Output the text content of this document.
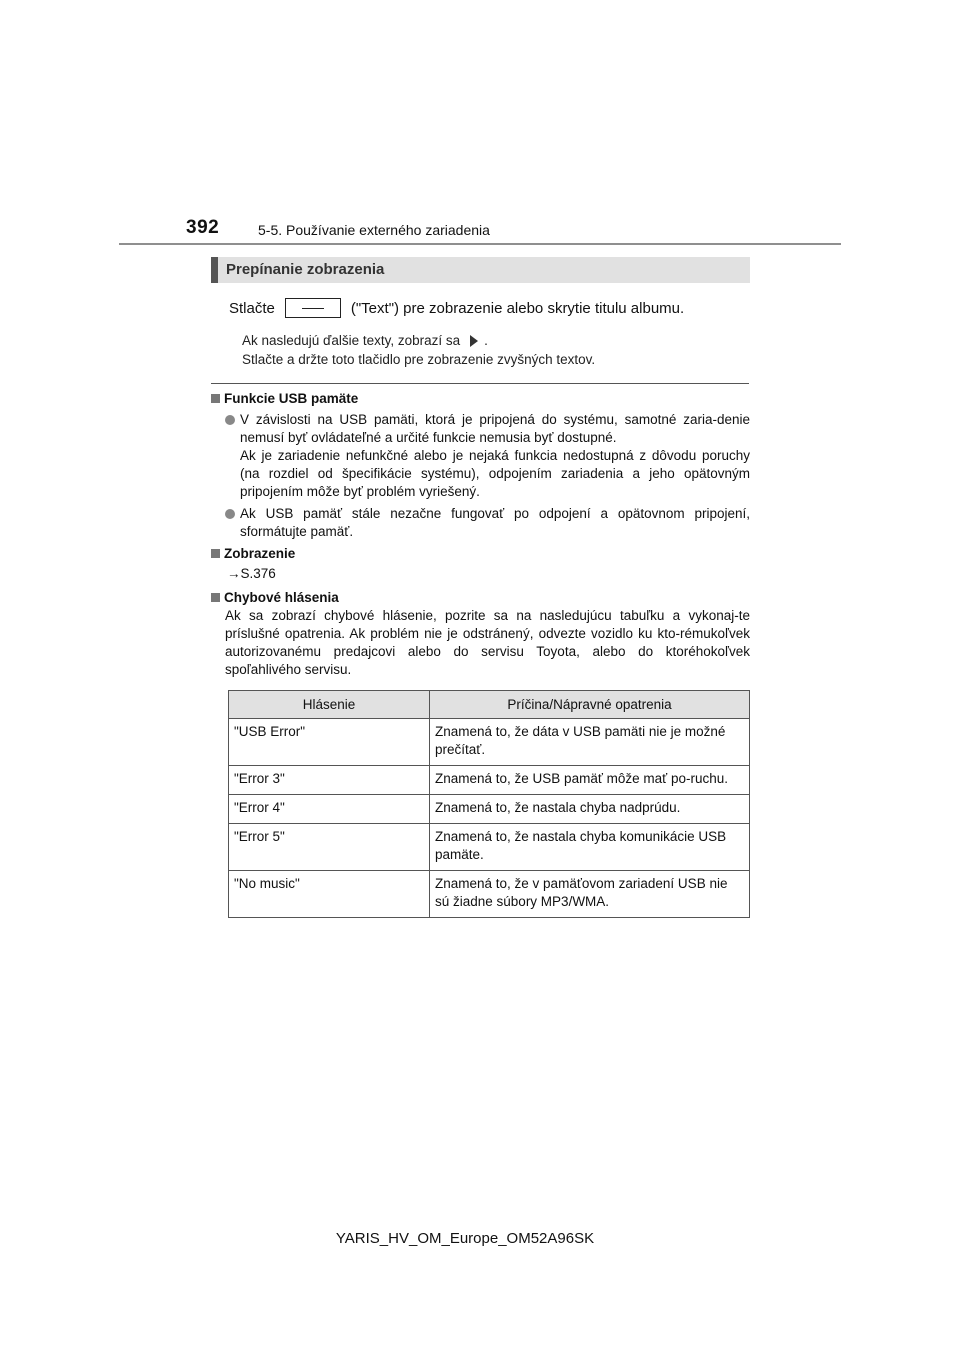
392	5-5. Používanie externého zariadenia
Prepínanie zobrazenia
Stlačte	("Text") pre zobrazenie alebo skrytie titulu albumu.
Ak nasledujú ďalšie texty, zobrazí sa .
Stlačte a držte toto tlačidlo pre zobrazenie zvyšných textov.
Funkcie USB pamäte

V závislosti na USB pamäti, ktorá je pripojená do systému, samotné zaria-denie nemusí byť ovládateľné a určité funkcie nemusia byť dostupné.

Ak je zariadenie nefunkčné alebo je nejaká funkcia nedostupná z dôvodu poruchy (na rozdiel od špecifikácie systému), odpojením zariadenia a jeho opätovným pripojením môže byť problém vyriešený.

Ak USB pamäť stále nezačne fungovať po odpojení a opätovnom pripojení, sformátujte pamäť.

Zobrazenie
→S.376
Chybové hlásenia
Ak sa zobrazí chybové hlásenie, pozrite sa na nasledujúcu tabuľku a vykonaj-te príslušné opatrenia. Ak problém nie je odstránený, odvezte vozidlo ku kto-rémukoľvek autorizovanému predajcovi alebo do servisu Toyota, alebo do ktoréhokoľvek spoľahlivého servisu.
Hlásenie	Príčina/Nápravné opatrenia
"USB Error"	Znamená to, že dáta v USB pamäti nie je možné prečítať.
"Error 3"	Znamená to, že USB pamäť môže mať po-ruchu.
"Error 4"	Znamená to, že nastala chyba nadprúdu.
"Error 5"	Znamená to, že nastala chyba komunikácie USB pamäte.
"No music"	Znamená to, že v pamäťovom zariadení USB nie sú žiadne súbory MP3/WMA.
YARIS_HV_OM_Europe_OM52A96SK
